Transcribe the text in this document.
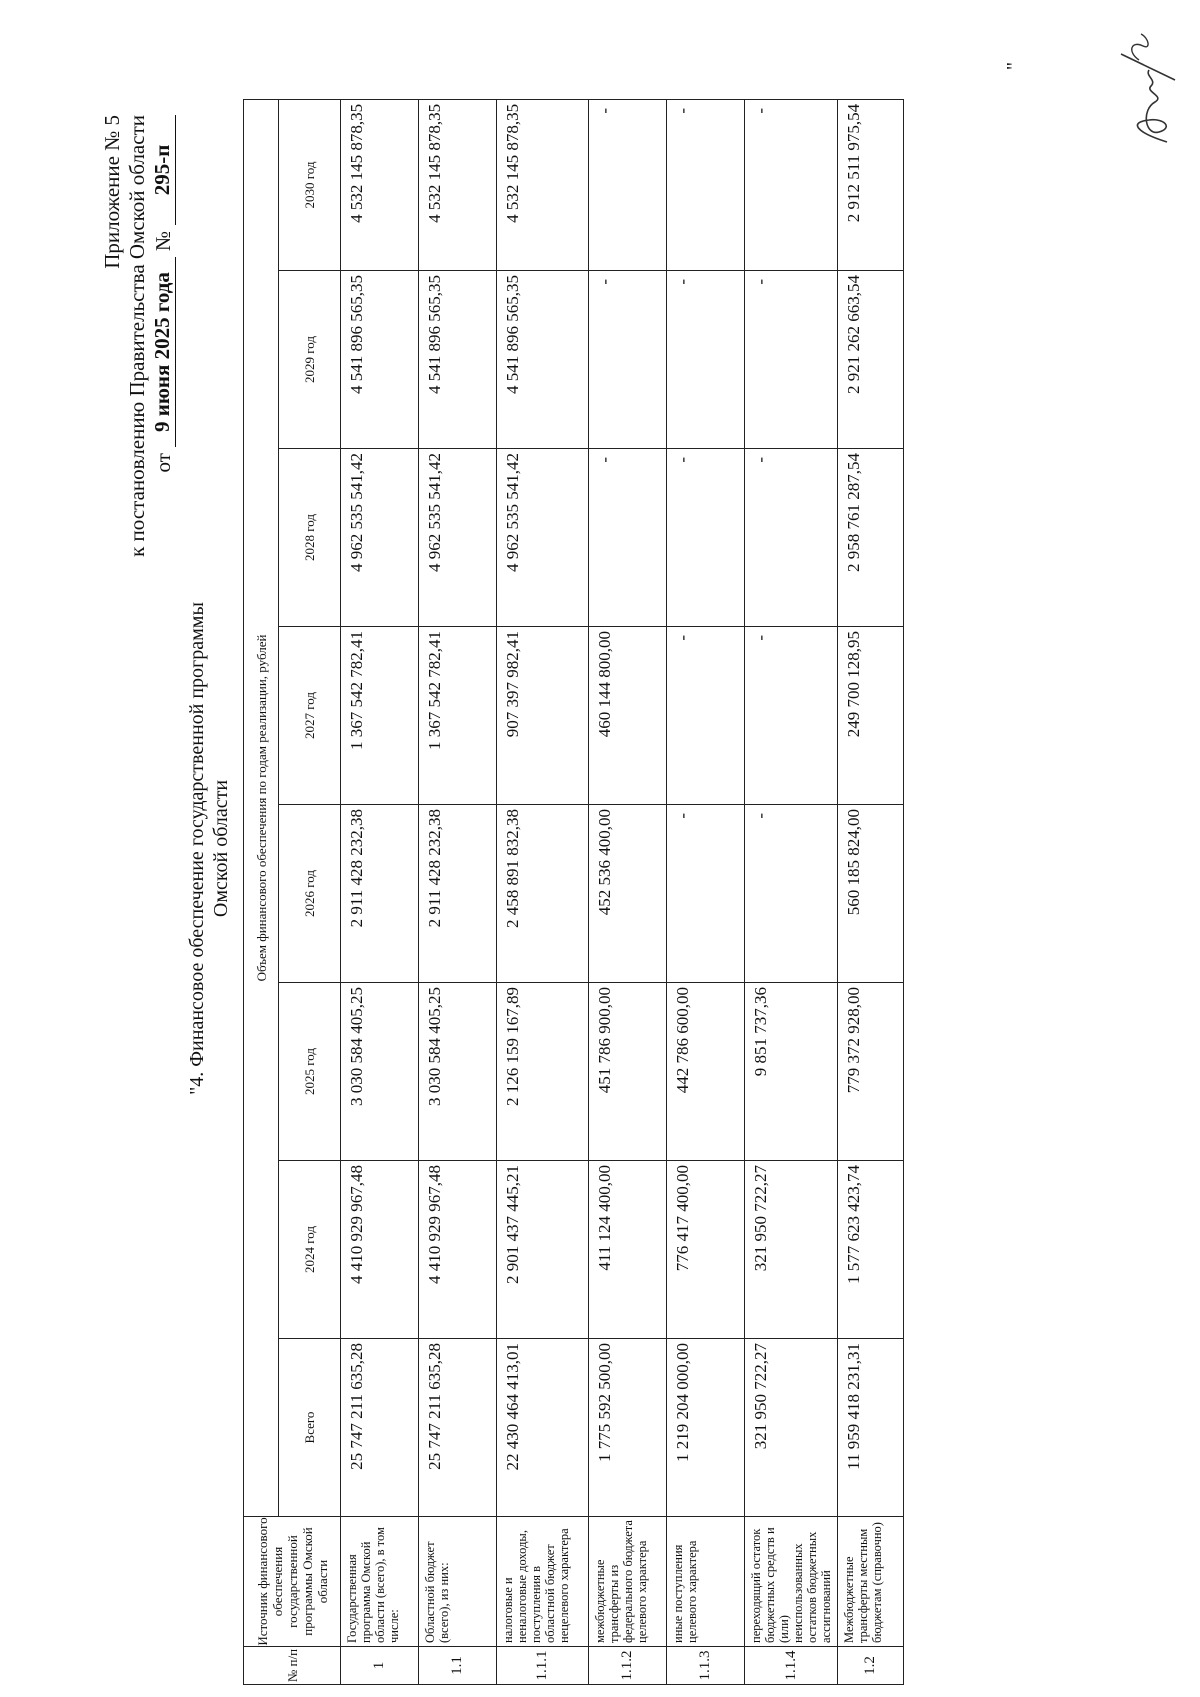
Приложение № 5 к постановлению Правительства Омской области от
9 июня 2025 года
№
295-п
"4. Финансовое обеспечение государственной программы Омской области
№ п/п	Источник финансового обеспечения государственной программы Омской области	Объем финансового обеспечения по годам реализации, рублей							
		Всего	2024 год	2025 год	2026 год	2027 год	2028 год	2029 год	2030 год
1	Государственная программа Омской области (всего), в том числе:	25 747 211 635,28	4 410 929 967,48	3 030 584 405,25	2 911 428 232,38	1 367 542 782,41	4 962 535 541,42	4 541 896 565,35	4 532 145 878,35
1.1	Областной бюджет (всего), из них:	25 747 211 635,28	4 410 929 967,48	3 030 584 405,25	2 911 428 232,38	1 367 542 782,41	4 962 535 541,42	4 541 896 565,35	4 532 145 878,35
1.1.1	налоговые и неналоговые доходы, поступления в областной бюджет нецелевого характера	22 430 464 413,01	2 901 437 445,21	2 126 159 167,89	2 458 891 832,38	907 397 982,41	4 962 535 541,42	4 541 896 565,35	4 532 145 878,35
1.1.2	межбюджетные трансферты из федерального бюджета целевого характера	1 775 592 500,00	411 124 400,00	451 786 900,00	452 536 400,00	460 144 800,00	-	-	-
1.1.3	иные поступления целевого характера	1 219 204 000,00	776 417 400,00	442 786 600,00	-	-	-	-	-
1.1.4	переходящий остаток бюджетных средств и (или) неиспользованных остатков бюджетных ассигнований	321 950 722,27	321 950 722,27	9 851 737,36	-	-	-	-	-
1.2	Межбюджетные трансферты местным бюджетам (справочно)	11 959 418 231,31	1 577 623 423,74	779 372 928,00	560 185 824,00	249 700 128,95	2 958 761 287,54	2 921 262 663,54	2 912 511 975,54
"
